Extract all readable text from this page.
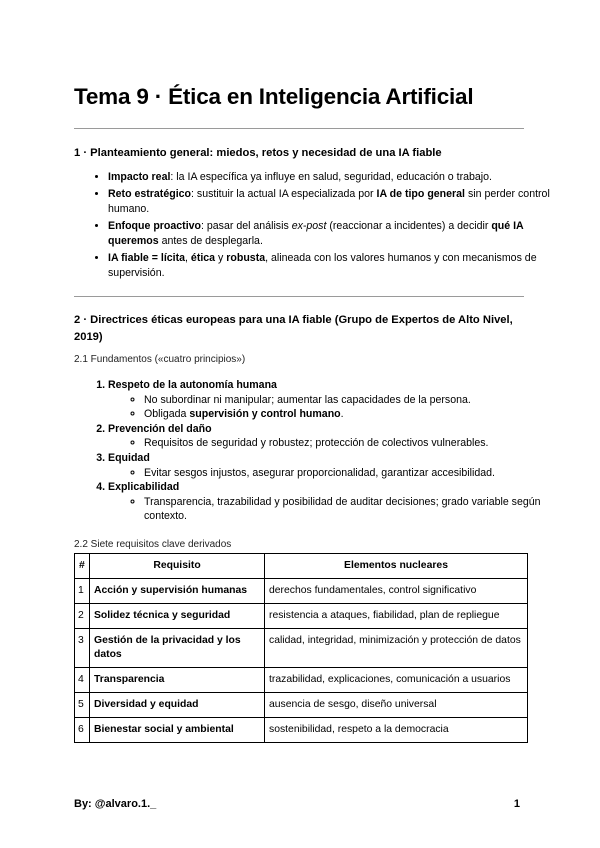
Tema 9 · Ética en Inteligencia Artificial
1 · Planteamiento general: miedos, retos y necesidad de una IA fiable
• Impacto real: la IA específica ya influye en salud, seguridad, educación o trabajo.
• Reto estratégico: sustituir la actual IA especializada por IA de tipo general sin perder control humano.
• Enfoque proactivo: pasar del análisis ex-post (reaccionar a incidentes) a decidir qué IA queremos antes de desplegarla.
• IA fiable = lícita, ética y robusta, alineada con los valores humanos y con mecanismos de supervisión.
2 · Directrices éticas europeas para una IA fiable (Grupo de Expertos de Alto Nivel, 2019)
2.1 Fundamentos («cuatro principios»)
1. Respeto de la autonomía humana
◦ No subordinar ni manipular; aumentar las capacidades de la persona.
◦ Obligada supervisión y control humano.
2. Prevención del daño
◦ Requisitos de seguridad y robustez; protección de colectivos vulnerables.
3. Equidad
◦ Evitar sesgos injustos, asegurar proporcionalidad, garantizar accesibilidad.
4. Explicabilidad
◦ Transparencia, trazabilidad y posibilidad de auditar decisiones; grado variable según contexto.
2.2 Siete requisitos clave derivados
#	Requisito	Elementos nucleares
1	Acción y supervisión humanas	derechos fundamentales, control significativo
2	Solidez técnica y seguridad	resistencia a ataques, fiabilidad, plan de repliegue
3	Gestión de la privacidad y los datos	calidad, integridad, minimización y protección de datos
4	Transparencia	trazabilidad, explicaciones, comunicación a usuarios
5	Diversidad y equidad	ausencia de sesgo, diseño universal
6	Bienestar social y ambiental	sostenibilidad, respeto a la democracia
By: @alvaro.1._	1
